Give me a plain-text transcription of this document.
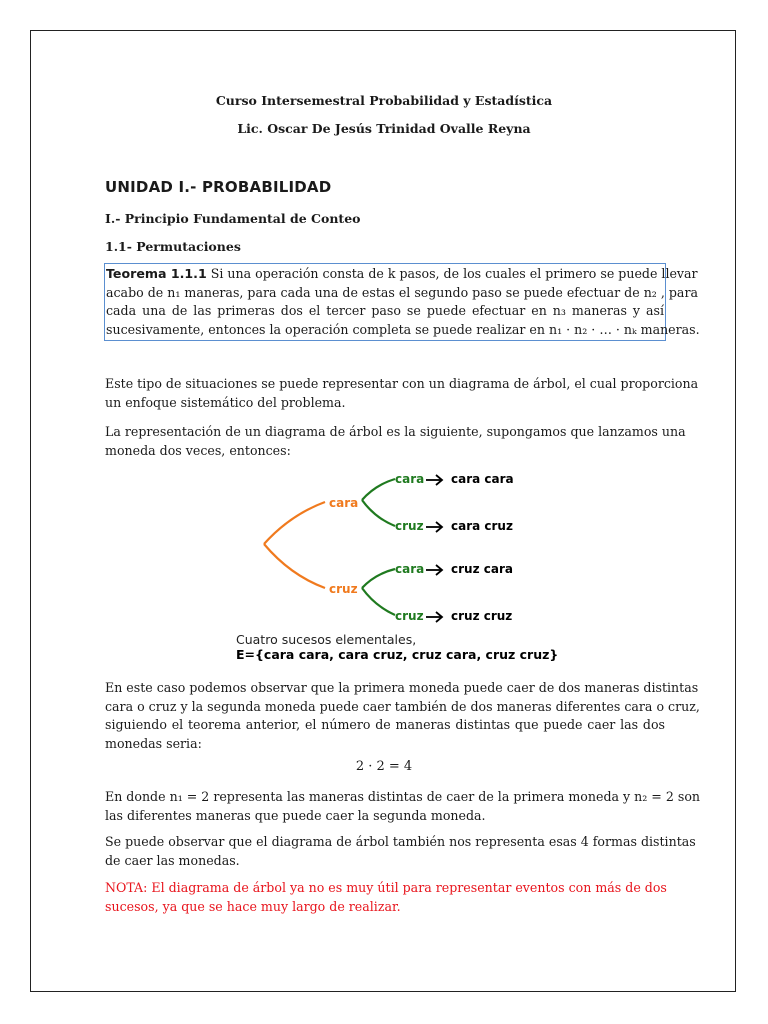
Curso Intersemestral Probabilidad y Estadística
Lic. Oscar De Jesús Trinidad Ovalle Reyna
UNIDAD I.- PROBABILIDAD
I.- Principio Fundamental de Conteo
1.1- Permutaciones
Teorema 1.1.1 Si una operación consta de k pasos, de los cuales el primero se puede llevar
acabo de n₁ maneras, para cada una de estas el segundo paso se puede efectuar de n₂ , para
cada una de las primeras dos el tercer paso se puede efectuar en n₃ maneras y así
sucesivamente, entonces la operación completa se puede realizar en n₁ · n₂ · … · nₖ maneras.
Este tipo de situaciones se puede representar con un diagrama de árbol, el cual proporciona
un enfoque sistemático del problema.
La representación de un diagrama de árbol es la siguiente, supongamos que lanzamos una
moneda dos veces, entonces:
cara
cruz
cara
cruz
cara
cruz
cara cara
cara cruz
cruz cara
cruz cruz
Cuatro sucesos elementales,
E={cara cara, cara cruz, cruz cara, cruz cruz}
En este caso podemos observar que la primera moneda puede caer de dos maneras distintas
cara o cruz y la segunda moneda puede caer también de dos maneras diferentes cara o cruz,
siguiendo el teorema anterior, el número de maneras distintas que puede caer las dos
monedas seria:
2 · 2 = 4
En donde n₁ = 2 representa las maneras distintas de caer de la primera moneda y n₂ = 2 son
las diferentes maneras que puede caer la segunda moneda.
Se puede observar que el diagrama de árbol también nos representa esas 4 formas distintas
de caer las monedas.
NOTA: El diagrama de árbol ya no es muy útil para representar eventos con más de dos
sucesos, ya que se hace muy largo de realizar.
